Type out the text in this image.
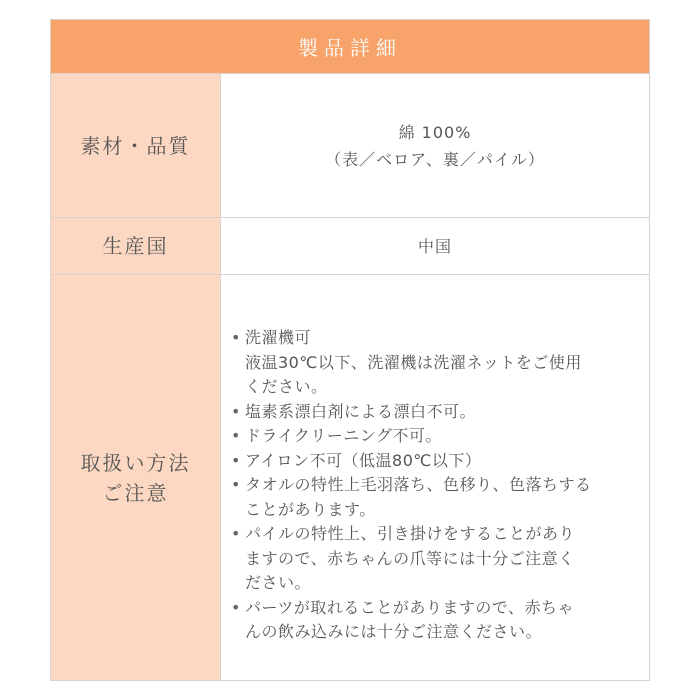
製品詳細
素材・品質
綿 100%
（表／ベロア、裏／パイル）
生産国	中国
取扱い方法
ご注意
• 洗濯機可
液温30℃以下、洗濯機は洗濯ネットをご使用
ください。
• 塩素系漂白剤による漂白不可。
• ドライクリーニング不可。
• アイロン不可（低温80℃以下）
• タオルの特性上毛羽落ち、色移り、色落ちする
ことがあります。
• パイルの特性上、引き掛けをすることがあり
ますので、赤ちゃんの爪等には十分ご注意く
ださい。
• パーツが取れることがありますので、赤ちゃ
んの飲み込みには十分ご注意ください。
